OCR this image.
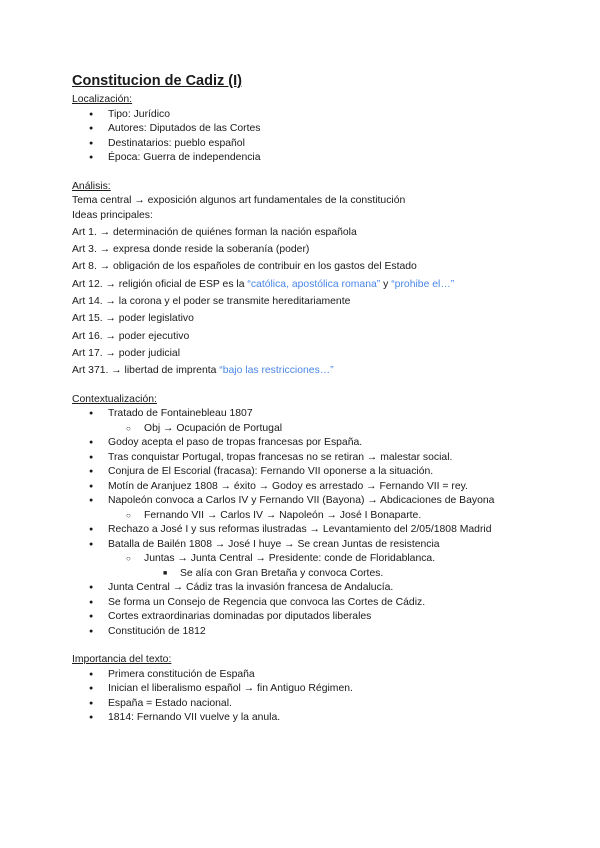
Constitucion de Cadiz (I)
Localización:
● Tipo: Jurídico
● Autores: Diputados de las Cortes
● Destinatarios: pueblo español
● Época: Guerra de independencia
Análisis:
Tema central → exposición algunos art fundamentales de la constitución
Ideas principales:
Art 1. → determinación de quiénes forman la nación española
Art 3. → expresa donde reside la soberanía (poder)
Art 8. → obligación de los españoles de contribuir en los gastos del Estado
Art 12. → religión oficial de ESP es la “católica, apostólica romana” y “prohibe el…”
Art 14. → la corona y el poder se transmite hereditariamente
Art 15. → poder legislativo
Art 16. → poder ejecutivo
Art 17. → poder judicial
Art 371. → libertad de imprenta “bajo las restricciones…”
Contextualización:
● Tratado de Fontainebleau 1807
○ Obj → Ocupación de Portugal
● Godoy acepta el paso de tropas francesas por España.
● Tras conquistar Portugal, tropas francesas no se retiran → malestar social.
● Conjura de El Escorial (fracasa): Fernando VII oponerse a la situación.
● Motín de Aranjuez 1808 → éxito → Godoy es arrestado → Fernando VII = rey.
● Napoleón convoca a Carlos IV y Fernando VII (Bayona) → Abdicaciones de Bayona
○ Fernando VII → Carlos IV → Napoleón → José I Bonaparte.
● Rechazo a José I y sus reformas ilustradas → Levantamiento del 2/05/1808 Madrid
● Batalla de Bailén 1808 → José I huye → Se crean Juntas de resistencia
○ Juntas → Junta Central → Presidente: conde de Floridablanca.
■ Se alía con Gran Bretaña y convoca Cortes.
● Junta Central → Cádiz tras la invasión francesa de Andalucía.
● Se forma un Consejo de Regencia que convoca las Cortes de Cádiz.
● Cortes extraordinarias dominadas por diputados liberales
● Constitución de 1812
Importancia del texto:
● Primera constitución de España
● Inician el liberalismo español → fin Antiguo Régimen.
● España = Estado nacional.
● 1814: Fernando VII vuelve y la anula.
